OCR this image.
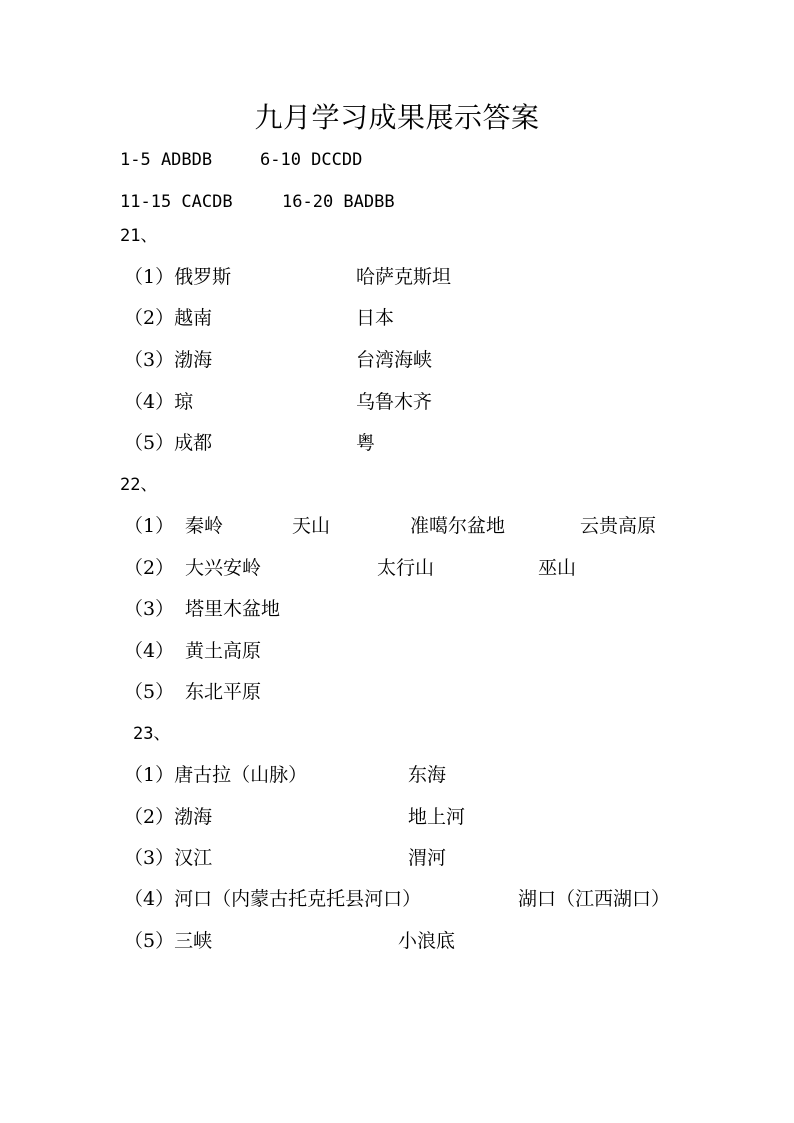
九月学习成果展示答案
1-5 ADBDB	6-10 DCCDD
11-15 CACDB	16-20 BADBB
21、
（1）俄罗斯	哈萨克斯坦
（2）越南	日本
（3）渤海	台湾海峡
（4）琼	乌鲁木齐
（5）成都	粤
22、
（1） 秦岭	天山	准噶尔盆地	云贵高原
（2） 大兴安岭	太行山	巫山
（3） 塔里木盆地
（4） 黄土高原
（5） 东北平原
23、
（1）唐古拉（山脉）	东海
（2）渤海	地上河
（3）汉江	渭河
（4）河口（内蒙古托克托县河口）	湖口（江西湖口）
（5）三峡	小浪底
